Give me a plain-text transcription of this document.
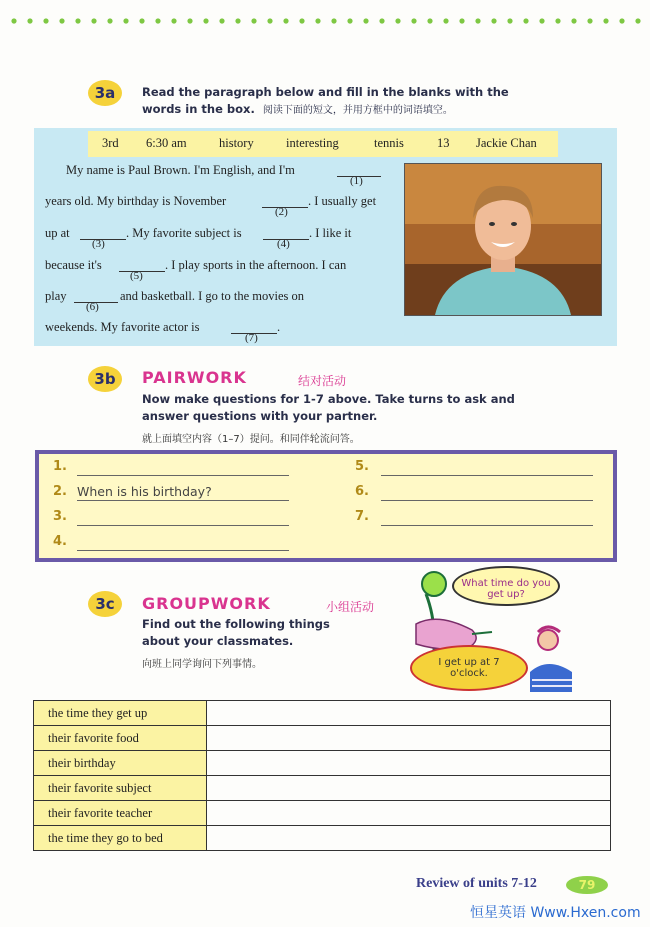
3a	Read the paragraph below and fill in the blanks with the
words in the box. 阅读下面的短文，并用方框中的词语填空。
3rd 6:30 am	history	interesting	tennis	13 Jackie Chan
My name is Paul Brown. I'm English, and I'm
(1)
years old. My birthday is November
(2)
. I usually get
up at
(3)
. My favorite subject is
(4)
. I like it
because it's
(5)
. I play sports in the afternoon. I can
play
(6)
and basketball. I go to the movies on
weekends. My favorite actor is
(7)
.
3b	PAIRWORK	结对活动
Now make questions for 1-7 above. Take turns to ask and
answer questions with your partner.
就上面填空内容（1–7）提问。和同伴轮流问答。
1.
2. When is his birthday?
3.
4.
5.
6.
7.
3c	GROUPWORK	小组活动
Find out the following things
about your classmates.
向班上同学询问下列事情。
What time do you get up?
I get up at 7 o'clock.
the time they get up	
their favorite food	
their birthday	
their favorite subject	
their favorite teacher	
the time they go to bed	
Review of units 7-12	79
恒星英语 Www.Hxen.com
